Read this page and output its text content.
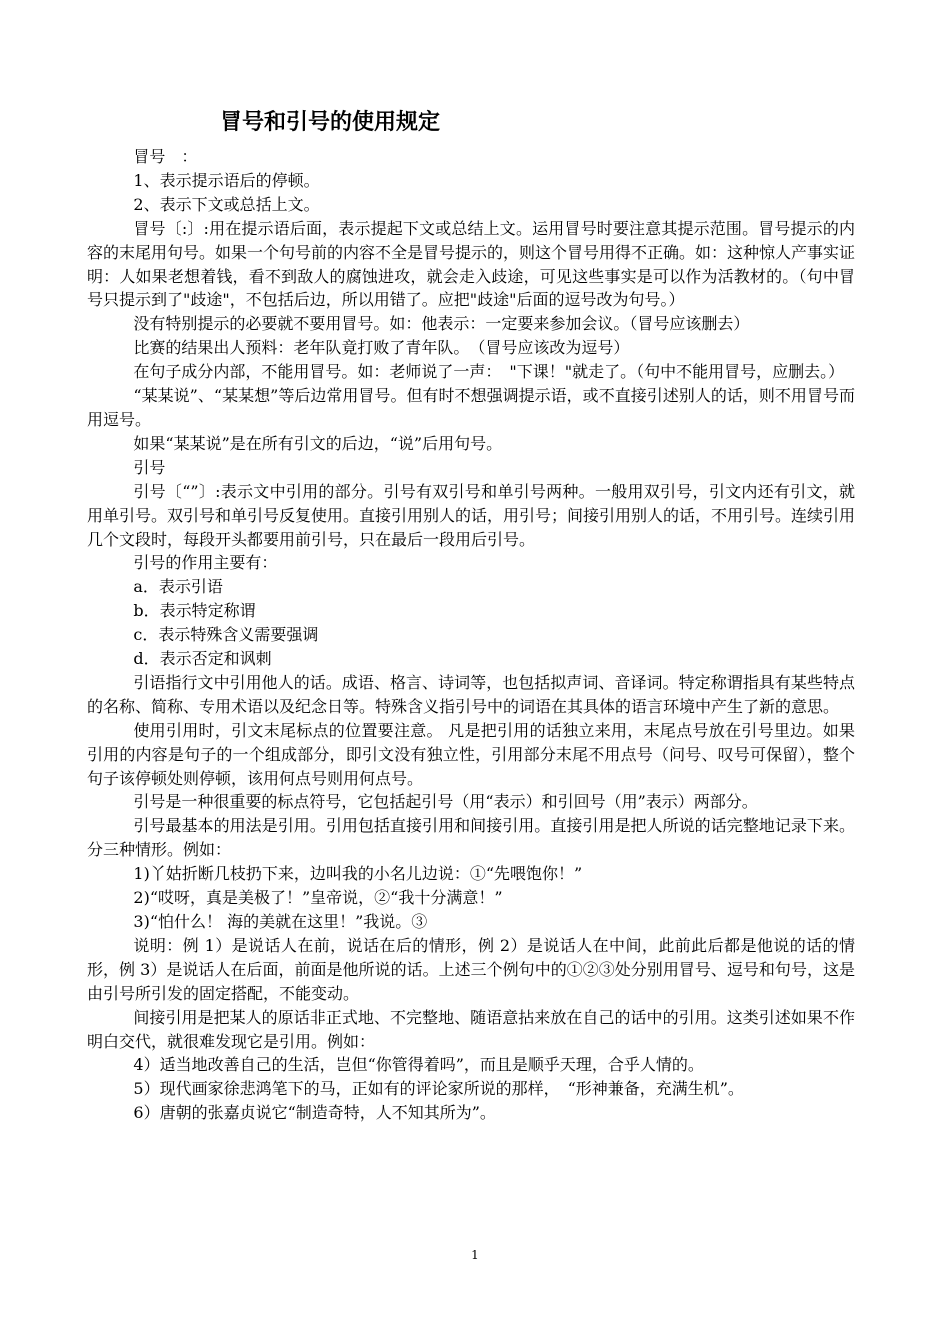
冒号和引号的使用规定

冒号　：

1、表示提示语后的停顿。

2、表示下文或总括上文。

冒号〔:〕:用在提示语后面，表示提起下文或总结上文。运用冒号时要注意其提示范围。冒号提示的内容的末尾用句号。如果一个句号前的内容不全是冒号提示的，则这个冒号用得不正确。如：这种惊人产事实证明：人如果老想着钱，看不到敌人的腐蚀进攻，就会走入歧途，可见这些事实是可以作为活教材的。（句中冒号只提示到了"歧途"，不包括后边，所以用错了。应把"歧途"后面的逗号改为句号。）

没有特别提示的必要就不要用冒号。如：他表示：一定要来参加会议。（冒号应该删去）

比赛的结果出人预料：老年队竟打败了青年队。　（冒号应该改为逗号）

在句子成分内部，不能用冒号。如：老师说了一声：　"下课！"就走了。（句中不能用冒号，应删去。）

“某某说”、“某某想”等后边常用冒号。但有时不想强调提示语，或不直接引述别人的话，则不用冒号而用逗号。

如果“某某说”是在所有引文的后边，“说”后用句号。

引号

引号〔“”〕:表示文中引用的部分。引号有双引号和单引号两种。一般用双引号，引文内还有引文，就用单引号。双引号和单引号反复使用。直接引用别人的话，用引号；间接引用别人的话，不用引号。连续引用几个文段时，每段开头都要用前引号，只在最后一段用后引号。

引号的作用主要有：

a．表示引语

b．表示特定称谓

c．表示特殊含义需要强调

d．表示否定和讽刺

引语指行文中引用他人的话。成语、格言、诗词等，也包括拟声词、音译词。特定称谓指具有某些特点的名称、简称、专用术语以及纪念日等。特殊含义指引号中的词语在其具体的语言环境中产生了新的意思。

使用引用时，引文末尾标点的位置要注意。 凡是把引用的话独立来用，末尾点号放在引号里边。如果引用的内容是句子的一个组成部分，即引文没有独立性，引用部分末尾不用点号（问号、叹号可保留），整个句子该停顿处则停顿，该用何点号则用何点号。

引号是一种很重要的标点符号，它包括起引号（用“表示）和引回号（用”表示）两部分。

引号最基本的用法是引用。引用包括直接引用和间接引用。直接引用是把人所说的话完整地记录下来。分三种情形。例如：

1)丫姑折断几枝扔下来，边叫我的小名儿边说：①“先喂饱你！”

2)“哎呀，真是美极了！”皇帝说，②“我十分满意！”

3)“怕什么！ 海的美就在这里！”我说。③

说明：例 1）是说话人在前，说话在后的情形，例 2）是说话人在中间，此前此后都是他说的话的情形，例 3）是说话人在后面，前面是他所说的话。上述三个例句中的①②③处分别用冒号、逗号和句号，这是由引号所引发的固定搭配，不能变动。

间接引用是把某人的原话非正式地、不完整地、随语意拈来放在自己的话中的引用。这类引述如果不作明白交代，就很难发现它是引用。例如：

4）适当地改善自己的生活，岂但“你管得着吗”，而且是顺乎天理，合乎人情的。

5）现代画家徐悲鸿笔下的马，正如有的评论家所说的那样，　“形神兼备，充满生机”。

6）唐朝的张嘉贞说它“制造奇特，人不知其所为”。

1
